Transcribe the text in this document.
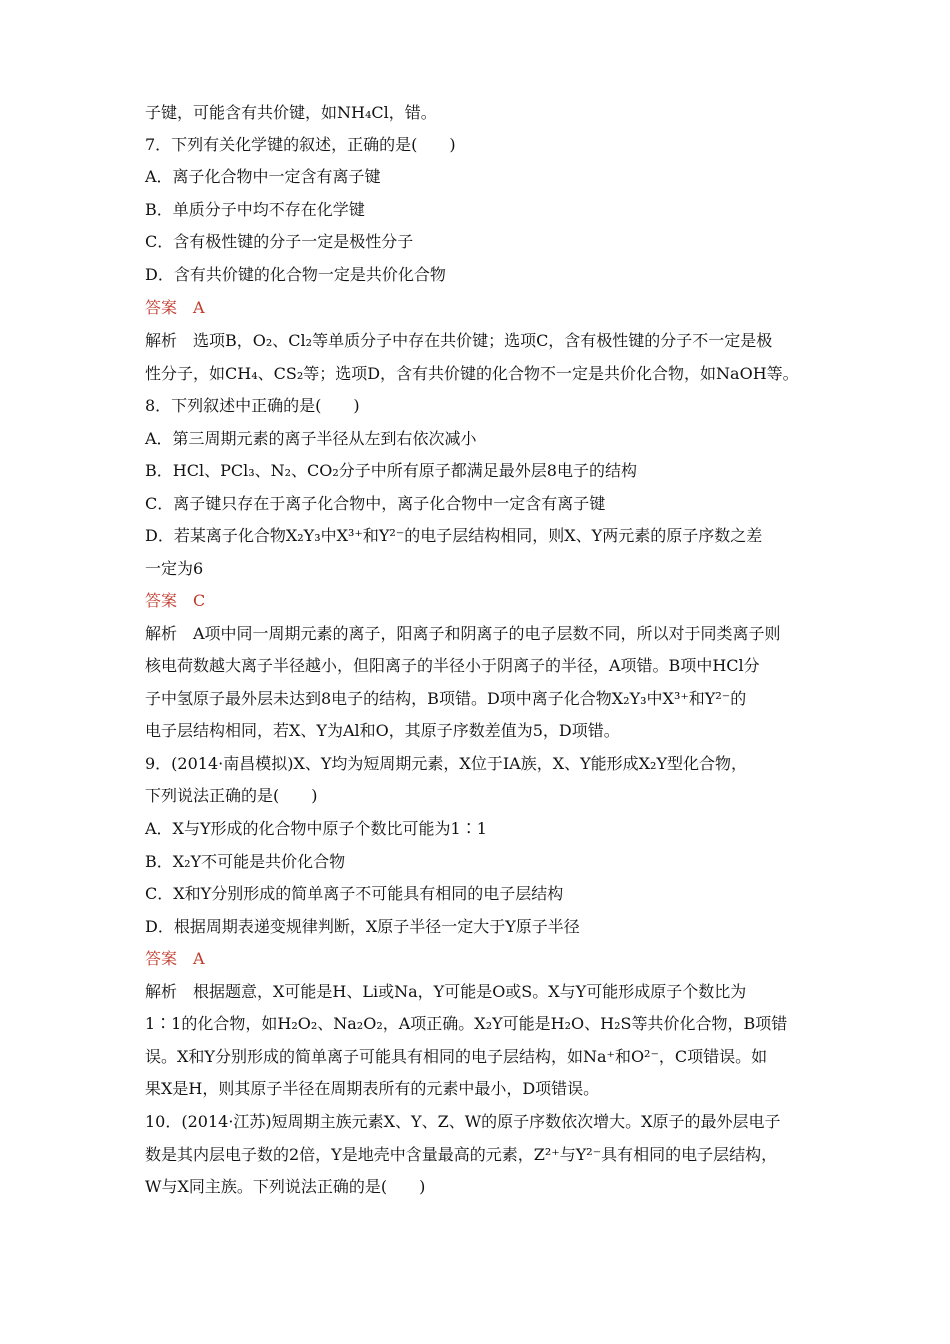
子键，可能含有共价键，如NH₄Cl，错。
7．下列有关化学键的叙述，正确的是(　　)
A．离子化合物中一定含有离子键
B．单质分子中均不存在化学键
C．含有极性键的分子一定是极性分子
D．含有共价键的化合物一定是共价化合物
答案　A
解析　选项B，O₂、Cl₂等单质分子中存在共价键；选项C，含有极性键的分子不一定是极
性分子，如CH₄、CS₂等；选项D，含有共价键的化合物不一定是共价化合物，如NaOH等。
8．下列叙述中正确的是(　　)
A．第三周期元素的离子半径从左到右依次减小
B．HCl、PCl₃、N₂、CO₂分子中所有原子都满足最外层8电子的结构
C．离子键只存在于离子化合物中，离子化合物中一定含有离子键
D．若某离子化合物X₂Y₃中X³⁺和Y²⁻的电子层结构相同，则X、Y两元素的原子序数之差
一定为6
答案　C
解析　A项中同一周期元素的离子，阳离子和阴离子的电子层数不同，所以对于同类离子则
核电荷数越大离子半径越小，但阳离子的半径小于阴离子的半径，A项错。B项中HCl分
子中氢原子最外层未达到8电子的结构，B项错。D项中离子化合物X₂Y₃中X³⁺和Y²⁻的
电子层结构相同，若X、Y为Al和O，其原子序数差值为5，D项错。
9．(2014·南昌模拟)X、Y均为短周期元素，X位于ⅠA族，X、Y能形成X₂Y型化合物，
下列说法正确的是(　　)
A．X与Y形成的化合物中原子个数比可能为1∶1
B．X₂Y不可能是共价化合物
C．X和Y分别形成的简单离子不可能具有相同的电子层结构
D．根据周期表递变规律判断，X原子半径一定大于Y原子半径
答案　A
解析　根据题意，X可能是H、Li或Na，Y可能是O或S。X与Y可能形成原子个数比为
1∶1的化合物，如H₂O₂、Na₂O₂，A项正确。X₂Y可能是H₂O、H₂S等共价化合物，B项错
误。X和Y分别形成的简单离子可能具有相同的电子层结构，如Na⁺和O²⁻，C项错误。如
果X是H，则其原子半径在周期表所有的元素中最小，D项错误。
10．(2014·江苏)短周期主族元素X、Y、Z、W的原子序数依次增大。X原子的最外层电子
数是其内层电子数的2倍，Y是地壳中含量最高的元素，Z²⁺与Y²⁻具有相同的电子层结构，
W与X同主族。下列说法正确的是(　　)
